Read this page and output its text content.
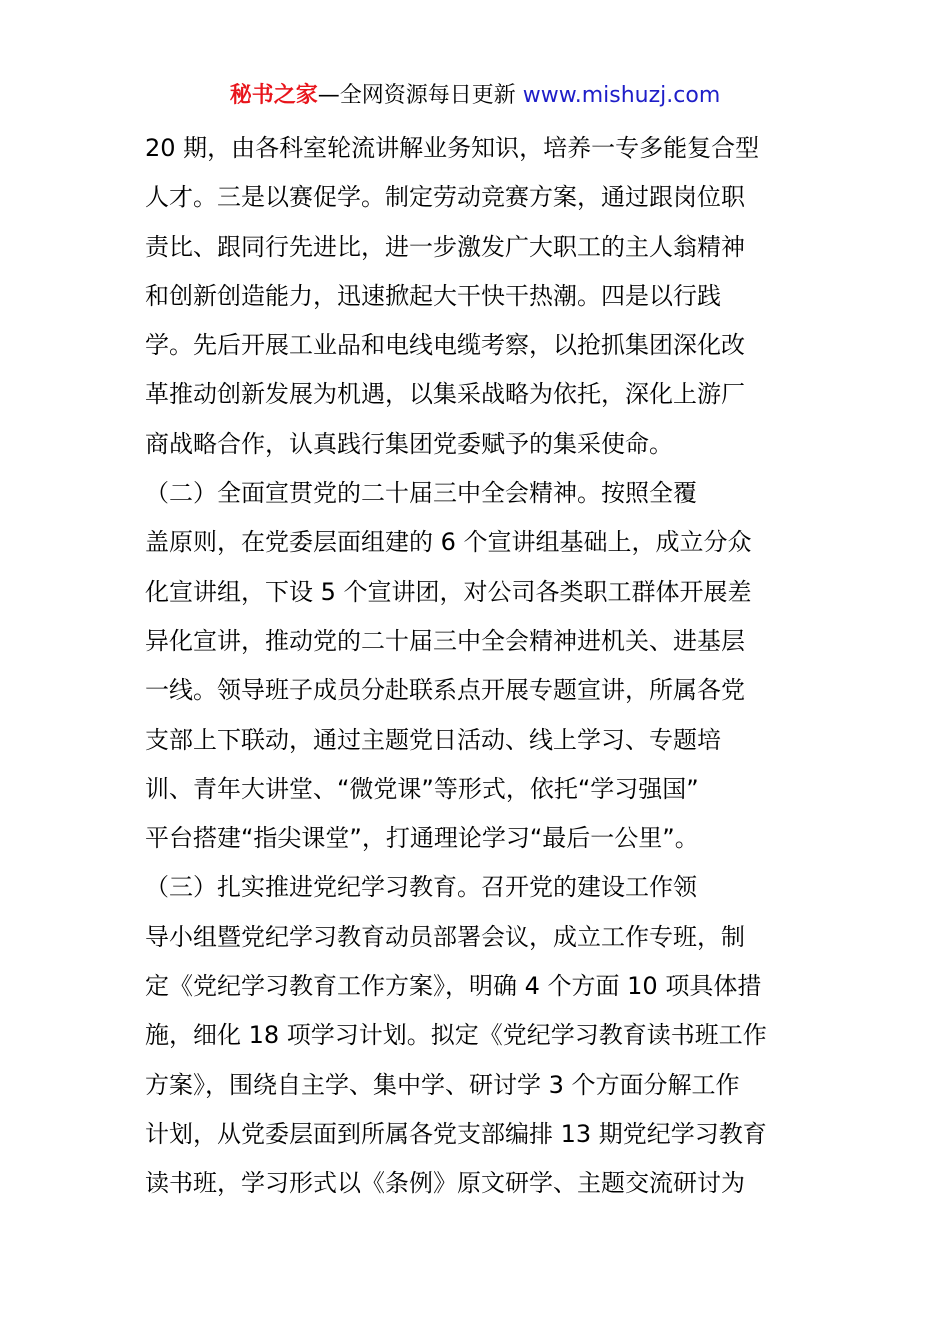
秘书之家—全网资源每日更新 www.mishuzj.com
20 期，由各科室轮流讲解业务知识，培养一专多能复合型
人才。三是以赛促学。制定劳动竞赛方案，通过跟岗位职
责比、跟同行先进比，进一步激发广大职工的主人翁精神
和创新创造能力，迅速掀起大干快干热潮。四是以行践
学。先后开展工业品和电线电缆考察，以抢抓集团深化改
革推动创新发展为机遇，以集采战略为依托，深化上游厂
商战略合作，认真践行集团党委赋予的集采使命。
（二）全面宣贯党的二十届三中全会精神。按照全覆
盖原则，在党委层面组建的 6 个宣讲组基础上，成立分众
化宣讲组，下设 5 个宣讲团，对公司各类职工群体开展差
异化宣讲，推动党的二十届三中全会精神进机关、进基层
一线。领导班子成员分赴联系点开展专题宣讲，所属各党
支部上下联动，通过主题党日活动、线上学习、专题培
训、青年大讲堂、“微党课”等形式，依托“学习强国”
平台搭建“指尖课堂”，打通理论学习“最后一公里”。
（三）扎实推进党纪学习教育。召开党的建设工作领
导小组暨党纪学习教育动员部署会议，成立工作专班，制
定《党纪学习教育工作方案》，明确 4 个方面 10 项具体措
施，细化 18 项学习计划。拟定《党纪学习教育读书班工作
方案》，围绕自主学、集中学、研讨学 3 个方面分解工作
计划，从党委层面到所属各党支部编排 13 期党纪学习教育
读书班，学习形式以《条例》原文研学、主题交流研讨为
